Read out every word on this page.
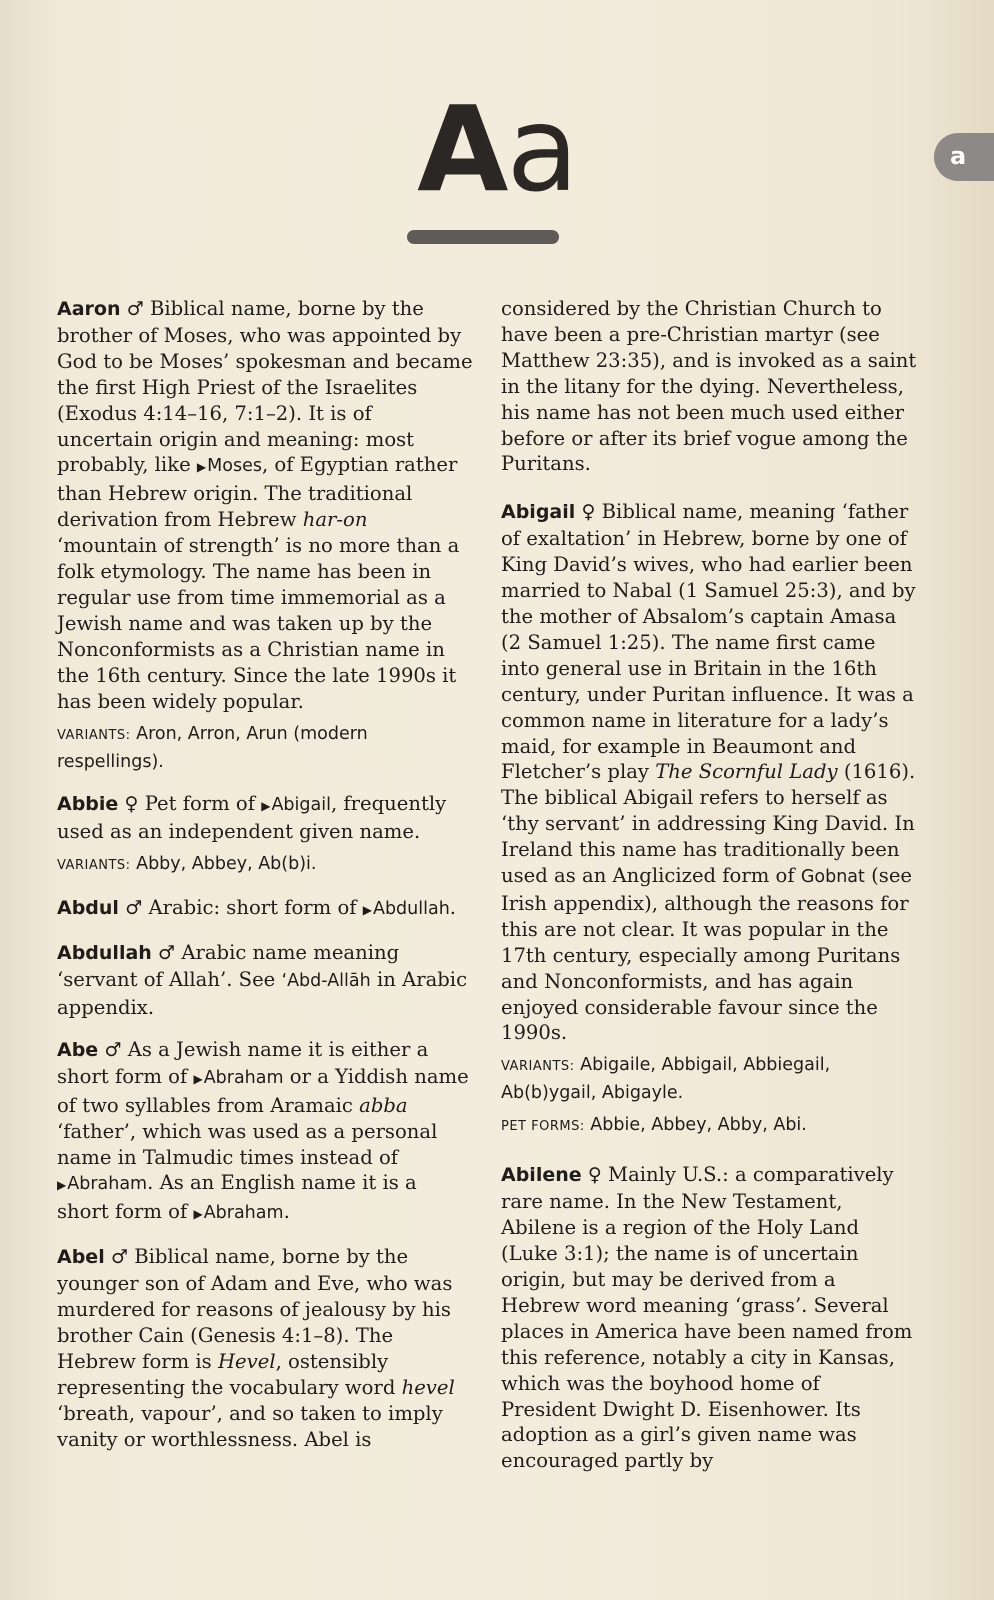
Aa	a

Aaron ♂ Biblical name, borne by the brother of Moses, who was appointed by God to be Moses’ spokesman and became the first High Priest of the Israelites (Exodus 4:14–16, 7:1–2). It is of uncertain origin and meaning: most probably, like ▶Moses, of Egyptian rather than Hebrew origin. The traditional derivation from Hebrew har-on ‘mountain of strength’ is no more than a folk etymology. The name has been in regular use from time immemorial as a Jewish name and was taken up by the Nonconformists as a Christian name in the 16th century. Since the late 1990s it has been widely popular.

VARIANTS: Aron, Arron, Arun (modern respellings).

Abbie ♀ Pet form of ▶Abigail, frequently used as an independent given name.

VARIANTS: Abby, Abbey, Ab(b)i.

Abdul ♂ Arabic: short form of ▶Abdullah.

Abdullah ♂ Arabic name meaning ‘servant of Allah’. See ‘Abd-Allāh in Arabic appendix.

Abe ♂ As a Jewish name it is either a short form of ▶Abraham or a Yiddish name of two syllables from Aramaic abba ‘father’, which was used as a personal name in Talmudic times instead of ▶Abraham. As an English name it is a short form of ▶Abraham.

Abel ♂ Biblical name, borne by the younger son of Adam and Eve, who was murdered for reasons of jealousy by his brother Cain (Genesis 4:1–8). The Hebrew form is Hevel, ostensibly representing the vocabulary word hevel ‘breath, vapour’, and so taken to imply vanity or worthlessness. Abel is

considered by the Christian Church to have been a pre-Christian martyr (see Matthew 23:35), and is invoked as a saint in the litany for the dying. Nevertheless, his name has not been much used either before or after its brief vogue among the Puritans.

Abigail ♀ Biblical name, meaning ‘father of exaltation’ in Hebrew, borne by one of King David’s wives, who had earlier been married to Nabal (1 Samuel 25:3), and by the mother of Absalom’s captain Amasa (2 Samuel 1:25). The name first came into general use in Britain in the 16th century, under Puritan influence. It was a common name in literature for a lady’s maid, for example in Beaumont and Fletcher’s play The Scornful Lady (1616). The biblical Abigail refers to herself as ‘thy servant’ in addressing King David. In Ireland this name has traditionally been used as an Anglicized form of Gobnat (see Irish appendix), although the reasons for this are not clear. It was popular in the 17th century, especially among Puritans and Nonconformists, and has again enjoyed considerable favour since the 1990s.

VARIANTS: Abigaile, Abbigail, Abbiegail, Ab(b)ygail, Abigayle.

PET FORMS: Abbie, Abbey, Abby, Abi.

Abilene ♀ Mainly U.S.: a comparatively rare name. In the New Testament, Abilene is a region of the Holy Land (Luke 3:1); the name is of uncertain origin, but may be derived from a Hebrew word meaning ‘grass’. Several places in America have been named from this reference, notably a city in Kansas, which was the boyhood home of President Dwight D. Eisenhower. Its adoption as a girl’s given name was encouraged partly by
